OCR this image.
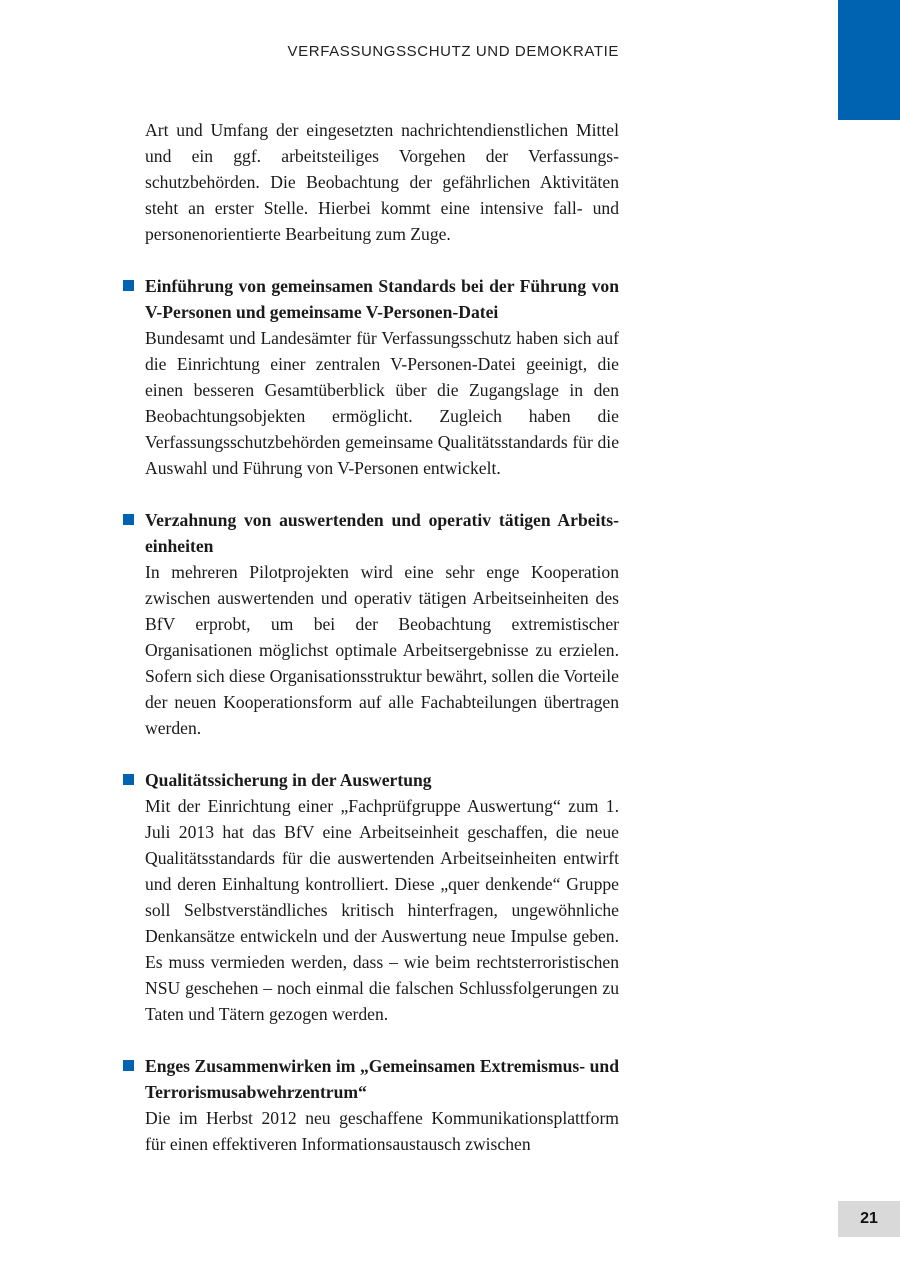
VERFASSUNGSSCHUTZ UND DEMOKRATIE

Art und Umfang der eingesetzten nachrichtendienstlichen Mittel und ein ggf. arbeitsteiliges Vorgehen der Verfassungsschutzbehörden. Die Beobachtung der gefährlichen Aktivitäten steht an erster Stelle. Hierbei kommt eine intensive fall- und personenorientierte Bearbeitung zum Zuge.

Einführung von gemeinsamen Standards bei der Führung von V-Personen und gemeinsame V-Personen-Datei

Bundesamt und Landesämter für Verfassungsschutz haben sich auf die Einrichtung einer zentralen V-Personen-Datei geeinigt, die einen besseren Gesamtüberblick über die Zugangslage in den Beobachtungsobjekten ermöglicht. Zugleich haben die Verfassungsschutzbehörden gemeinsame Qualitätsstandards für die Auswahl und Führung von V-Personen entwickelt.

Verzahnung von auswertenden und operativ tätigen Arbeitseinheiten

In mehreren Pilotprojekten wird eine sehr enge Kooperation zwischen auswertenden und operativ tätigen Arbeitseinheiten des BfV erprobt, um bei der Beobachtung extremistischer Organisationen möglichst optimale Arbeitsergebnisse zu erzielen. Sofern sich diese Organisationsstruktur bewährt, sollen die Vorteile der neuen Kooperationsform auf alle Fachabteilungen übertragen werden.

Qualitätssicherung in der Auswertung

Mit der Einrichtung einer „Fachprüfgruppe Auswertung“ zum 1. Juli 2013 hat das BfV eine Arbeitseinheit geschaffen, die neue Qualitätsstandards für die auswertenden Arbeitseinheiten entwirft und deren Einhaltung kontrolliert. Diese „quer denkende“ Gruppe soll Selbstverständliches kritisch hinterfragen, ungewöhnliche Denkansätze entwickeln und der Auswertung neue Impulse geben. Es muss vermieden werden, dass – wie beim rechtsterroristischen NSU geschehen – noch einmal die falschen Schlussfolgerungen zu Taten und Tätern gezogen werden.

Enges Zusammenwirken im „Gemeinsamen Extremismus- und Terrorismusabwehrzentrum“

Die im Herbst 2012 neu geschaffene Kommunikationsplattform für einen effektiveren Informationsaustausch zwischen

21
